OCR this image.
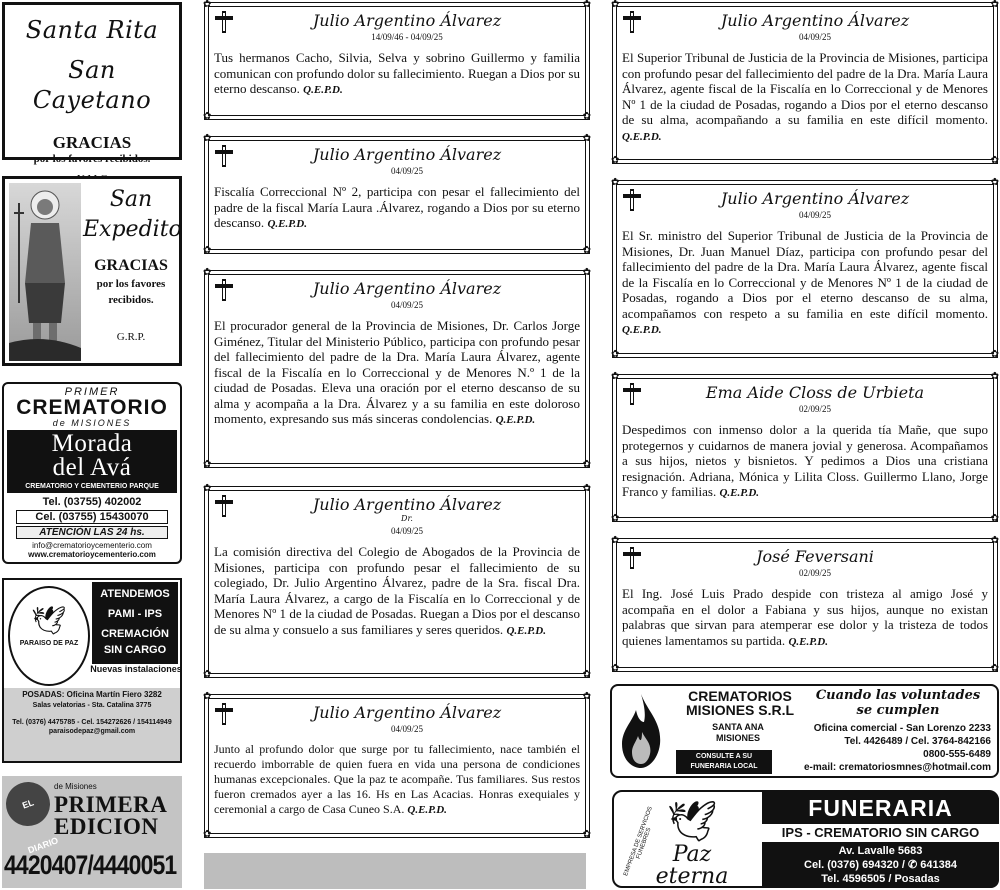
Santa Rita
San Cayetano
GRACIAS
por los favores recibidos.
San
Expedito
GRACIAS
por los favores
recibidos.
G.R.P.
PRIMER
CREMATORIO
de MISIONES
Morada
del Avá
CREMATORIO Y CEMENTERIO PARQUE
Tel. (03755) 402002
Cel. (03755) 15430070
ATENCIÓN LAS 24 hs.
info@crematorioycementerio.com
www.crematorioycementerio.com
🕊
PARAISO DE PAZ
ATENDEMOS
PAMI - IPS
CREMACIÓN
SIN CARGO
Nuevas instalaciones
POSADAS: Oficina Martín Fiero 3282
Salas velatorias - Sta. Catalina 3775
Tel. (0376) 4475785 - Cel. 154272626 / 154114949
paraisodepaz@gmail.com
EL DIARIO
de Misiones
PRIMERA
EDICION
4420407/4440051
✿	✿
✿	✿
Julio Argentino Álvarez
14/09/46 - 04/09/25
Tus hermanos Cacho, Silvia, Selva y sobrino Guillermo y familia comunican con profundo dolor su fallecimiento. Ruegan a Dios por su eterno descanso. Q.E.P.D.
✿	✿
✿	✿
Julio Argentino Álvarez
04/09/25
Fiscalía Correccional Nº 2, participa con pesar el fallecimiento del padre de la fiscal María Laura .Álvarez, rogando a Dios por su eterno descanso. Q.E.P.D.
✿	✿
✿	✿
Julio Argentino Álvarez
04/09/25
El procurador general de la Provincia de Misiones, Dr. Carlos Jorge Giménez, Titular del Ministerio Público, participa con profundo pesar del fallecimiento del padre de la Dra. María Laura Álvarez, agente fiscal de la Fiscalía en lo Correccional y de Menores N.º 1 de la ciudad de Posadas. Eleva una oración por el eterno descanso de su alma y acompaña a la Dra. Álvarez y a su familia en este doloroso momento, expresando sus más sinceras condolencias. Q.E.P.D.
✿	✿
✿	✿
Julio Argentino Álvarez
Dr.
04/09/25
La comisión directiva del Colegio de Abogados de la Provincia de Misiones, participa con profundo pesar el fallecimiento de su colegiado, Dr. Julio Argentino Álvarez, padre de la Sra. fiscal Dra. María Laura Álvarez, a cargo de la Fiscalía en lo Correccional y de Menores Nº 1 de la ciudad de Posadas. Ruegan a Dios por el descanso de su alma y consuelo a sus familiares y seres queridos. Q.E.P.D.
✿	✿
✿	✿
Julio Argentino Álvarez
04/09/25
Junto al profundo dolor que surge por tu fallecimiento, nace también el recuerdo imborrable de quien fuera en vida una persona de condiciones humanas excepcionales. Que la paz te acompañe. Tus familiares. Sus restos fueron cremados ayer a las 16. Hs en Las Acacias. Honras exequiales y ceremonial a cargo de Casa Cuneo S.A. Q.E.P.D.
✿	✿
✿	✿
Julio Argentino Álvarez
04/09/25
El Superior Tribunal de Justicia de la Provincia de Misiones, participa con profundo pesar del fallecimiento del padre de la Dra. María Laura Álvarez, agente fiscal de la Fiscalía en lo Correccional y de Menores Nº 1 de la ciudad de Posadas, rogando a Dios por el eterno descanso de su alma, acompañando a su familia en este difícil momento. Q.E.P.D.
✿	✿
✿	✿
Julio Argentino Álvarez
04/09/25
El Sr. ministro del Superior Tribunal de Justicia de la Provincia de Misiones, Dr. Juan Manuel Díaz, participa con profundo pesar del fallecimiento del padre de la Dra. María Laura Álvarez, agente fiscal de la Fiscalía en lo Correccional y de Menores Nº 1 de la ciudad de Posadas, rogando a Dios por el eterno descanso de su alma, acompañamos con respeto a su familia en este difícil momento. Q.E.P.D.
✿	✿
✿	✿
Ema Aide Closs de Urbieta
02/09/25
Despedimos con inmenso dolor a la querida tía Mañe, que supo protegernos y cuidarnos de manera jovial y generosa. Acompañamos a sus hijos, nietos y bisnietos. Y pedimos a Dios una cristiana resignación. Adriana, Mónica y Lilita Closs. Guillermo Llano, Jorge Franco y familias. Q.E.P.D.
✿	✿
✿	✿
José Feversani
02/09/25
El Ing. José Luis Prado despide con tristeza al amigo José y acompaña en el dolor a Fabiana y sus hijos, aunque no existan palabras que sirvan para atemperar ese dolor y la tristeza de todos quienes lamentamos su partida. Q.E.P.D.
CREMATORIOS
MISIONES S.R.L
SANTA ANA
MISIONES
CONSULTE A SU
FUNERARIA LOCAL
Cuando las voluntades
se cumplen
Oficina comercial - San Lorenzo 2233
Tel. 4426489 / Cel. 3764-842166
0800-555-6489
e-mail: crematoriosmnes@hotmail.com
EMPRESA DE SERVICIOS FUNEBRES 🕊
Paz
eterna
FUNERARIA
IPS - CREMATORIO SIN CARGO
Av. Lavalle 5683
Cel. (0376) 694320 / ✆ 641384
Tel. 4596505 / Posadas
